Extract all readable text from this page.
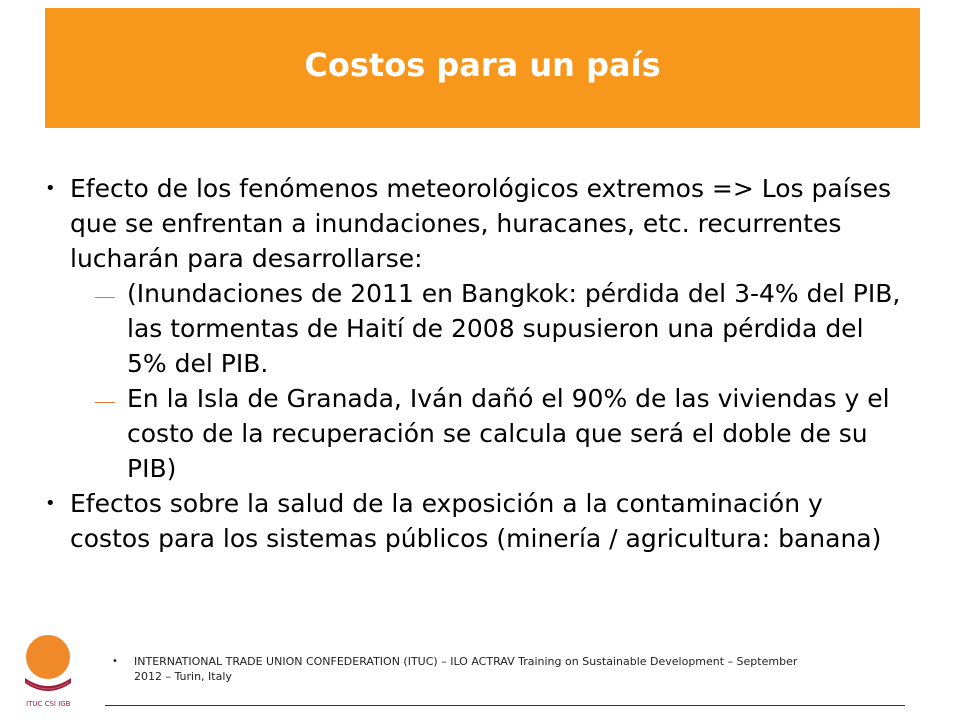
Costos para un país
• Efecto de los fenómenos meteorológicos extremos => Los países que se enfrentan a inundaciones, huracanes, etc. recurrentes lucharán para desarrollarse:
(Inundaciones de 2011 en Bangkok: pérdida del 3-4% del PIB, las tormentas de Haití de 2008 supusieron una pérdida del 5% del PIB.
En la Isla de Granada, Iván dañó el 90% de las viviendas y el costo de la recuperación se calcula que será el doble de su PIB)
• Efectos sobre la salud de la exposición a la contaminación y costos para los sistemas públicos (minería / agricultura: banana)
ITUC CSI IGB
•	INTERNATIONAL TRADE UNION CONFEDERATION (ITUC) – ILO ACTRAV Training on Sustainable Development – September 2012 – Turin, Italy
